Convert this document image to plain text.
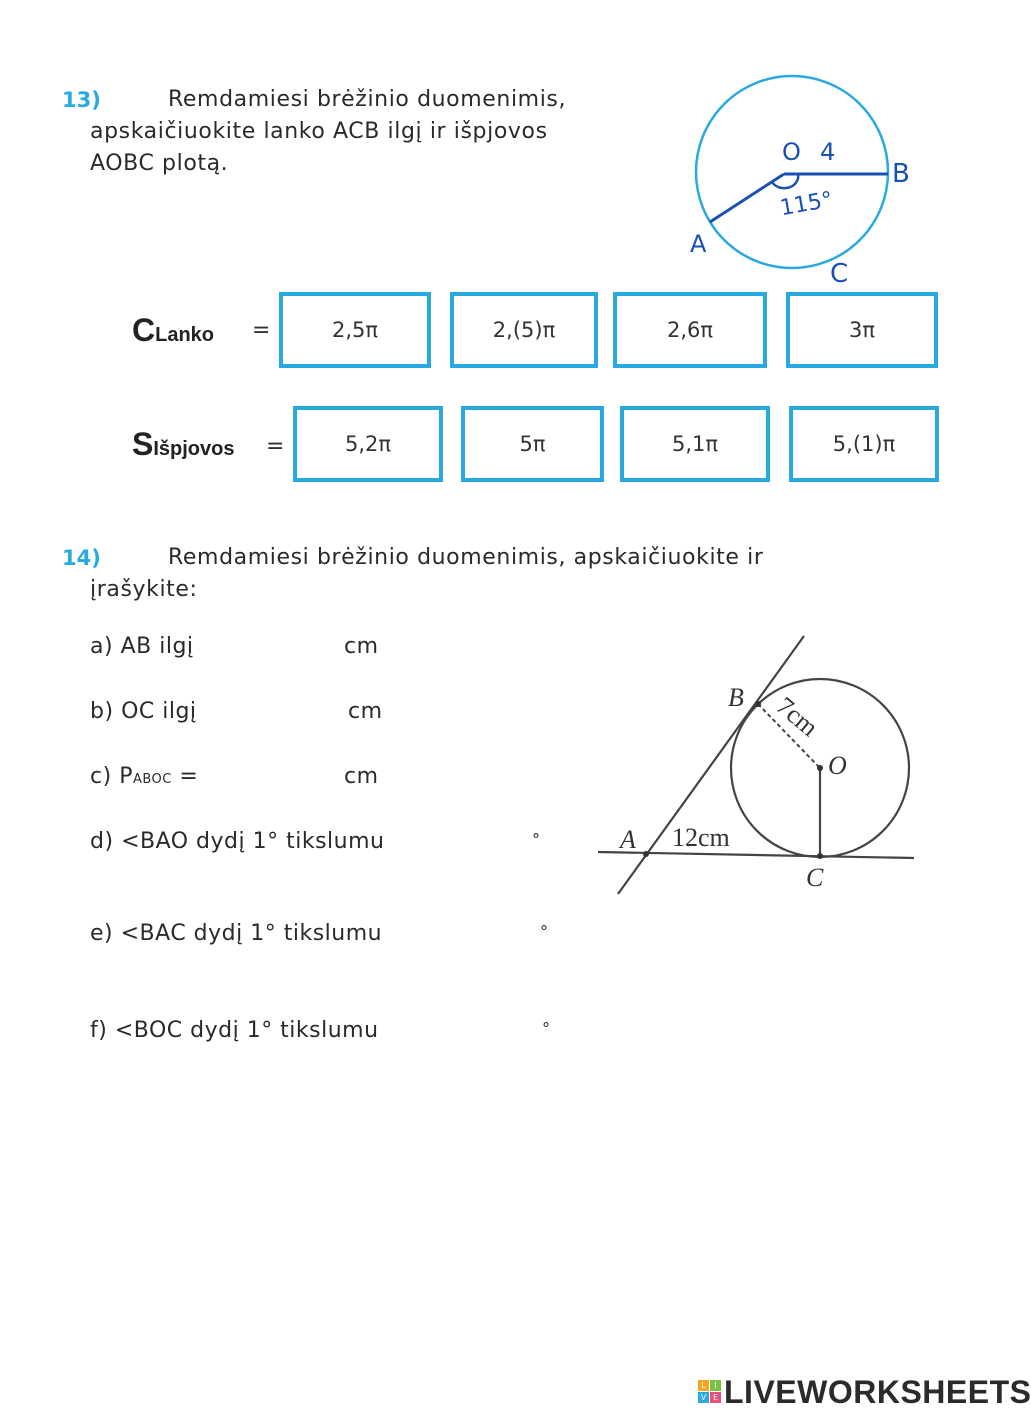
13)	Remdamiesi brėžinio duomenimis,
apskaičiuokite lanko ACB ilgį ir išpjovos
AOBC plotą.	O 4
B
A
C
115°
CLanko =	2,5π	2,(5)π	2,6π	3π
SIšpjovos =	5,2π	5π	5,1π	5,(1)π
14)	Remdamiesi brėžinio duomenimis, apskaičiuokite ir
įrašykite:
a) AB ilgį	cm
b) OC ilgį	cm
c) PABOC =	cm
d) <BAO dydį 1° tikslumu	°
e) <BAC dydį 1° tikslumu	°
f) <BOC dydį 1° tikslumu	°
A
B
O
C
7cm
12cm
L	I
V E LIVEWORKSHEETS
